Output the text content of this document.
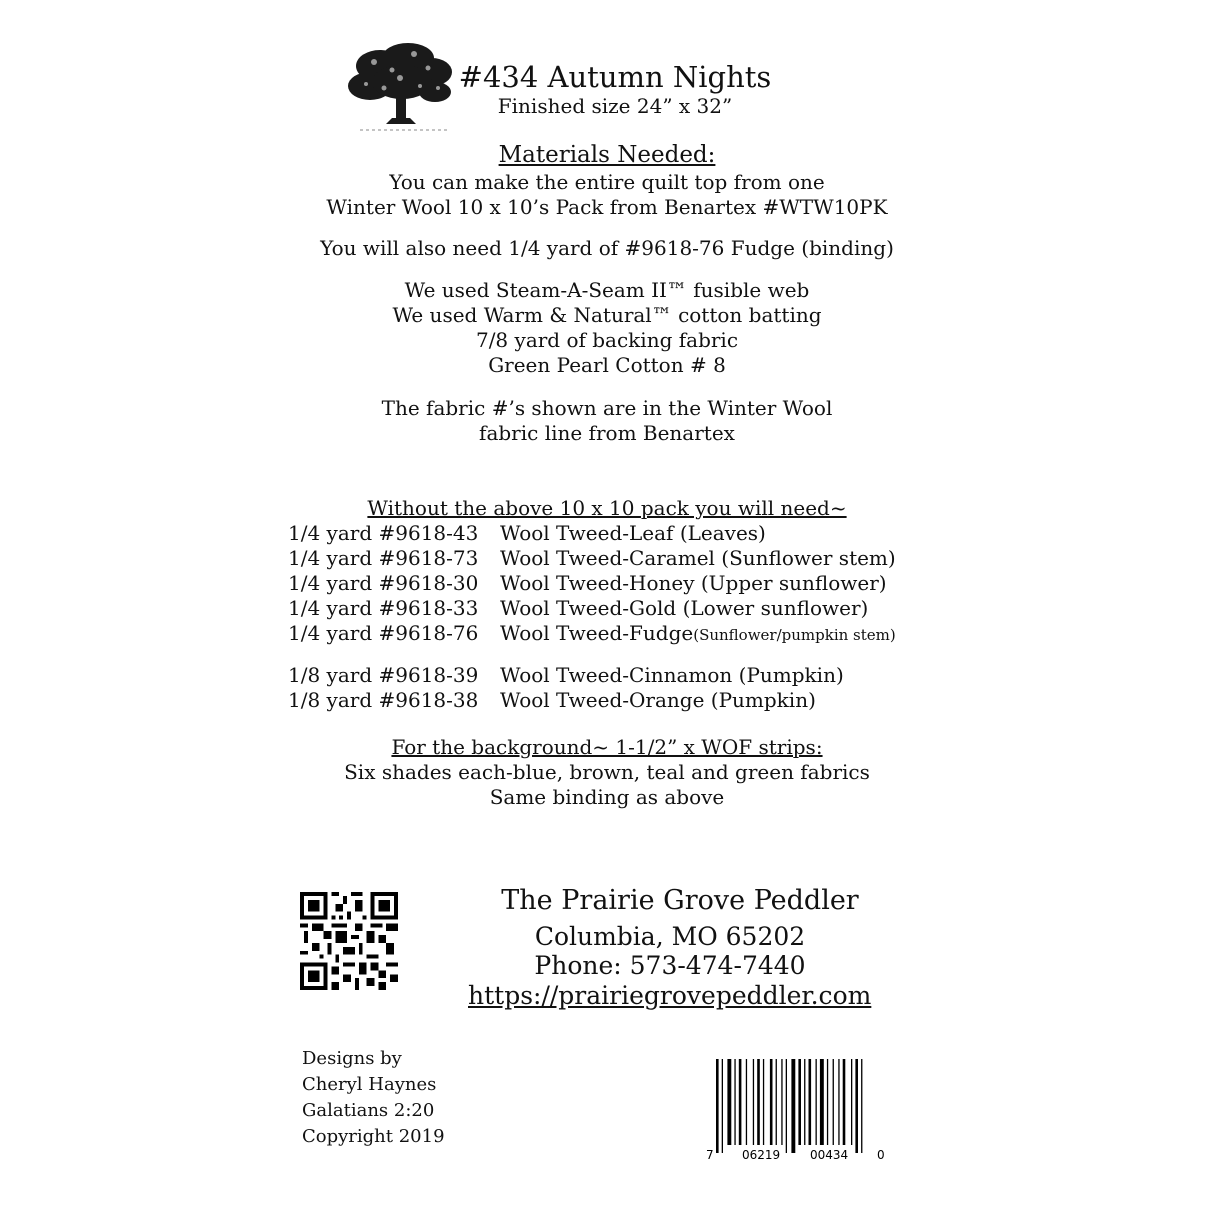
#434 Autumn Nights
Finished size 24” x 32”
Materials Needed:
You can make the entire quilt top from one
Winter Wool 10 x 10’s Pack from Benartex #WTW10PK
You will also need 1/4 yard of #9618-76 Fudge (binding)
We used Steam-A-Seam II™ fusible web
We used Warm & Natural™ cotton batting
7/8 yard of backing fabric
Green Pearl Cotton # 8
The fabric #’s shown are in the Winter Wool
fabric line from Benartex
Without the above 10 x 10 pack you will need~
1/4 yard #9618-43 Wool Tweed-Leaf (Leaves)
1/4 yard #9618-73 Wool Tweed-Caramel (Sunflower stem)
1/4 yard #9618-30 Wool Tweed-Honey (Upper sunflower)
1/4 yard #9618-33 Wool Tweed-Gold (Lower sunflower)
1/4 yard #9618-76 Wool Tweed-Fudge(Sunflower/pumpkin stem)
1/8 yard #9618-39 Wool Tweed-Cinnamon (Pumpkin)
1/8 yard #9618-38 Wool Tweed-Orange (Pumpkin)
For the background~ 1-1/2” x WOF strips:
Six shades each-blue, brown, teal and green fabrics
Same binding as above
The Prairie Grove Peddler
Columbia, MO 65202
Phone: 573-474-7440
https://prairiegrovepeddler.com
Designs by
Cheryl Haynes
Galatians 2:20
Copyright 2019
7 06219 00434 0
